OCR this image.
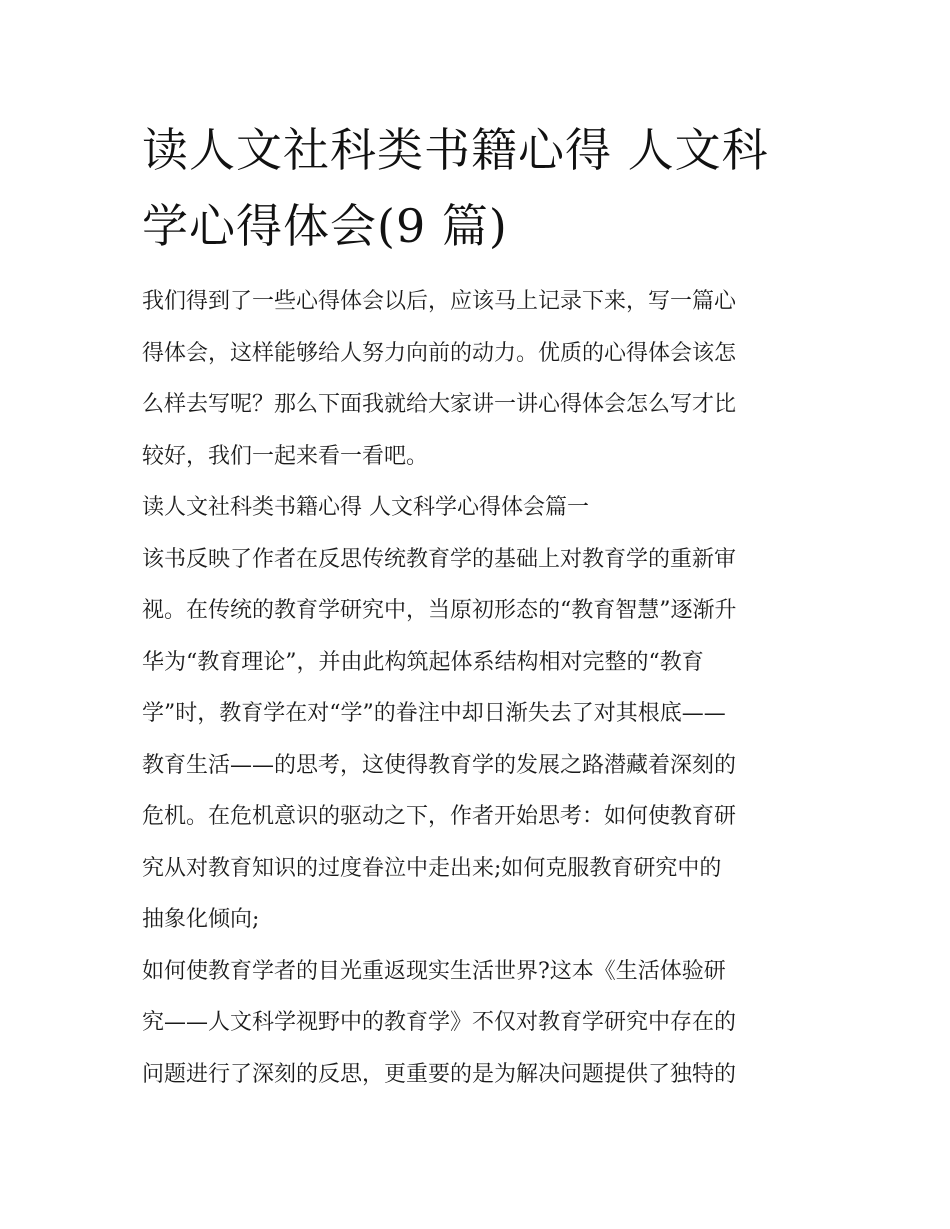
读人文社科类书籍心得 人文科
学心得体会(9 篇)

我们得到了一些心得体会以后，应该马上记录下来，写一篇心
得体会，这样能够给人努力向前的动力。优质的心得体会该怎
么样去写呢？那么下面我就给大家讲一讲心得体会怎么写才比
较好，我们一起来看一看吧。

读人文社科类书籍心得 人文科学心得体会篇一

该书反映了作者在反思传统教育学的基础上对教育学的重新审
视。在传统的教育学研究中，当原初形态的“教育智慧”逐渐升
华为“教育理论”，并由此构筑起体系结构相对完整的“教育
学”时，教育学在对“学”的眷注中却日渐失去了对其根底——
教育生活——的思考，这使得教育学的发展之路潜藏着深刻的
危机。在危机意识的驱动之下，作者开始思考：如何使教育研
究从对教育知识的过度眷泣中走出来;如何克服教育研究中的
抽象化倾向;

如何使教育学者的目光重返现实生活世界?这本《生活体验研
究——人文科学视野中的教育学》不仅对教育学研究中存在的
问题进行了深刻的反思，更重要的是为解决问题提供了独特的
